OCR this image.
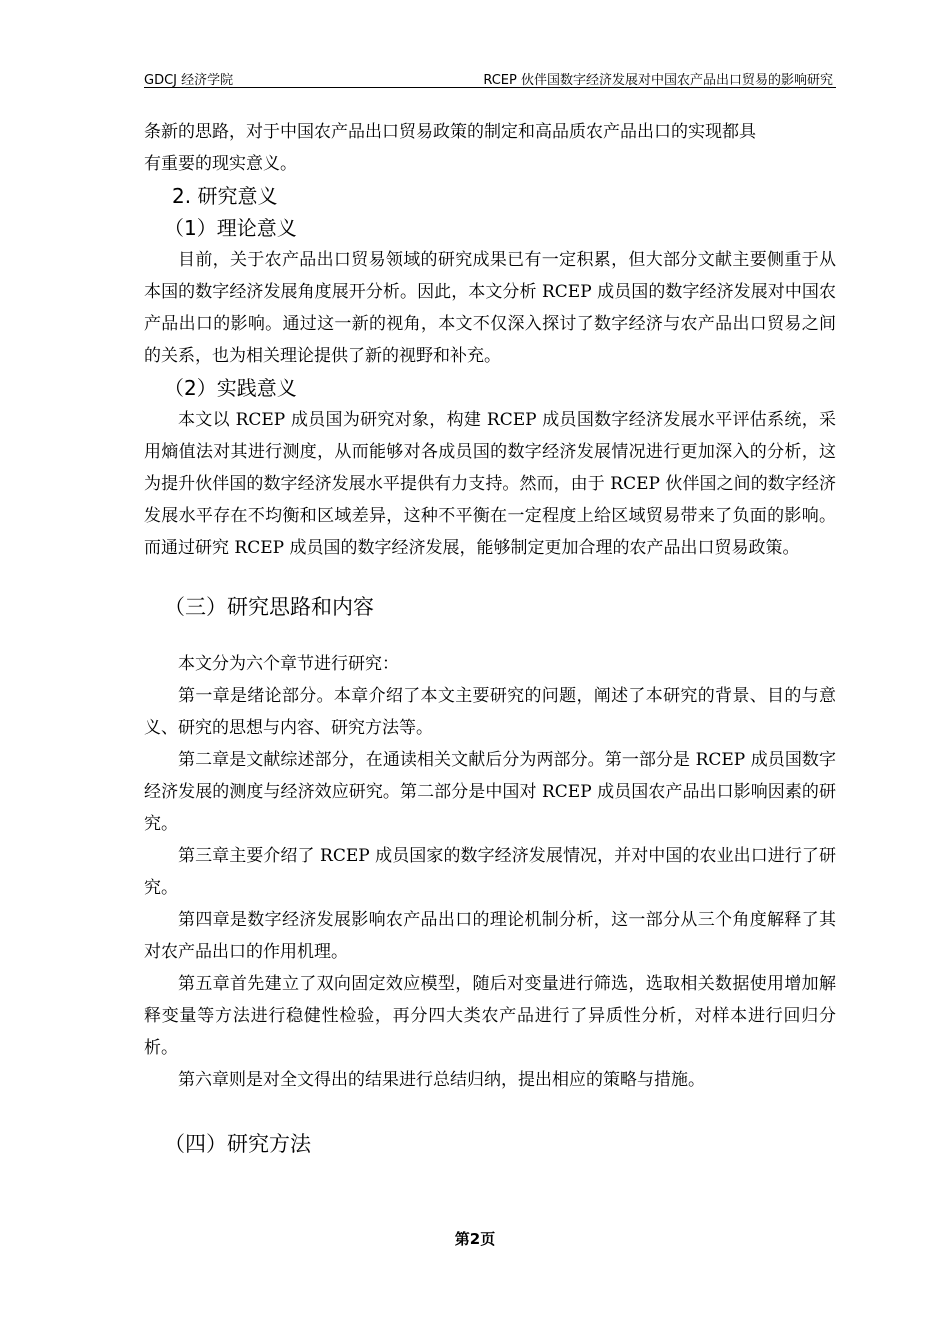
GDCJ 经济学院	RCEP 伙伴国数字经济发展对中国农产品出口贸易的影响研究

条新的思路，对于中国农产品出口贸易政策的制定和高品质农产品出口的实现都具

有重要的现实意义。

2. 研究意义

（1）理论意义

目前，关于农产品出口贸易领域的研究成果已有一定积累，但大部分文献主要侧重于从本国的数字经济发展角度展开分析。因此，本文分析 RCEP 成员国的数字经济发展对中国农产品出口的影响。通过这一新的视角，本文不仅深入探讨了数字经济与农产品出口贸易之间的关系，也为相关理论提供了新的视野和补充。

（2）实践意义

本文以 RCEP 成员国为研究对象，构建 RCEP 成员国数字经济发展水平评估系统，采用熵值法对其进行测度，从而能够对各成员国的数字经济发展情况进行更加深入的分析，这为提升伙伴国的数字经济发展水平提供有力支持。然而，由于 RCEP 伙伴国之间的数字经济发展水平存在不均衡和区域差异，这种不平衡在一定程度上给区域贸易带来了负面的影响。而通过研究 RCEP 成员国的数字经济发展，能够制定更加合理的农产品出口贸易政策。

（三）研究思路和内容

本文分为六个章节进行研究：

第一章是绪论部分。本章介绍了本文主要研究的问题，阐述了本研究的背景、目的与意义、研究的思想与内容、研究方法等。

第二章是文献综述部分，在通读相关文献后分为两部分。第一部分是 RCEP 成员国数字经济发展的测度与经济效应研究。第二部分是中国对 RCEP 成员国农产品出口影响因素的研究。

第三章主要介绍了 RCEP 成员国家的数字经济发展情况，并对中国的农业出口进行了研究。

第四章是数字经济发展影响农产品出口的理论机制分析，这一部分从三个角度解释了其对农产品出口的作用机理。

第五章首先建立了双向固定效应模型，随后对变量进行筛选，选取相关数据使用增加解释变量等方法进行稳健性检验，再分四大类农产品进行了异质性分析，对样本进行回归分析。

第六章则是对全文得出的结果进行总结归纳，提出相应的策略与措施。

（四）研究方法

第2页
